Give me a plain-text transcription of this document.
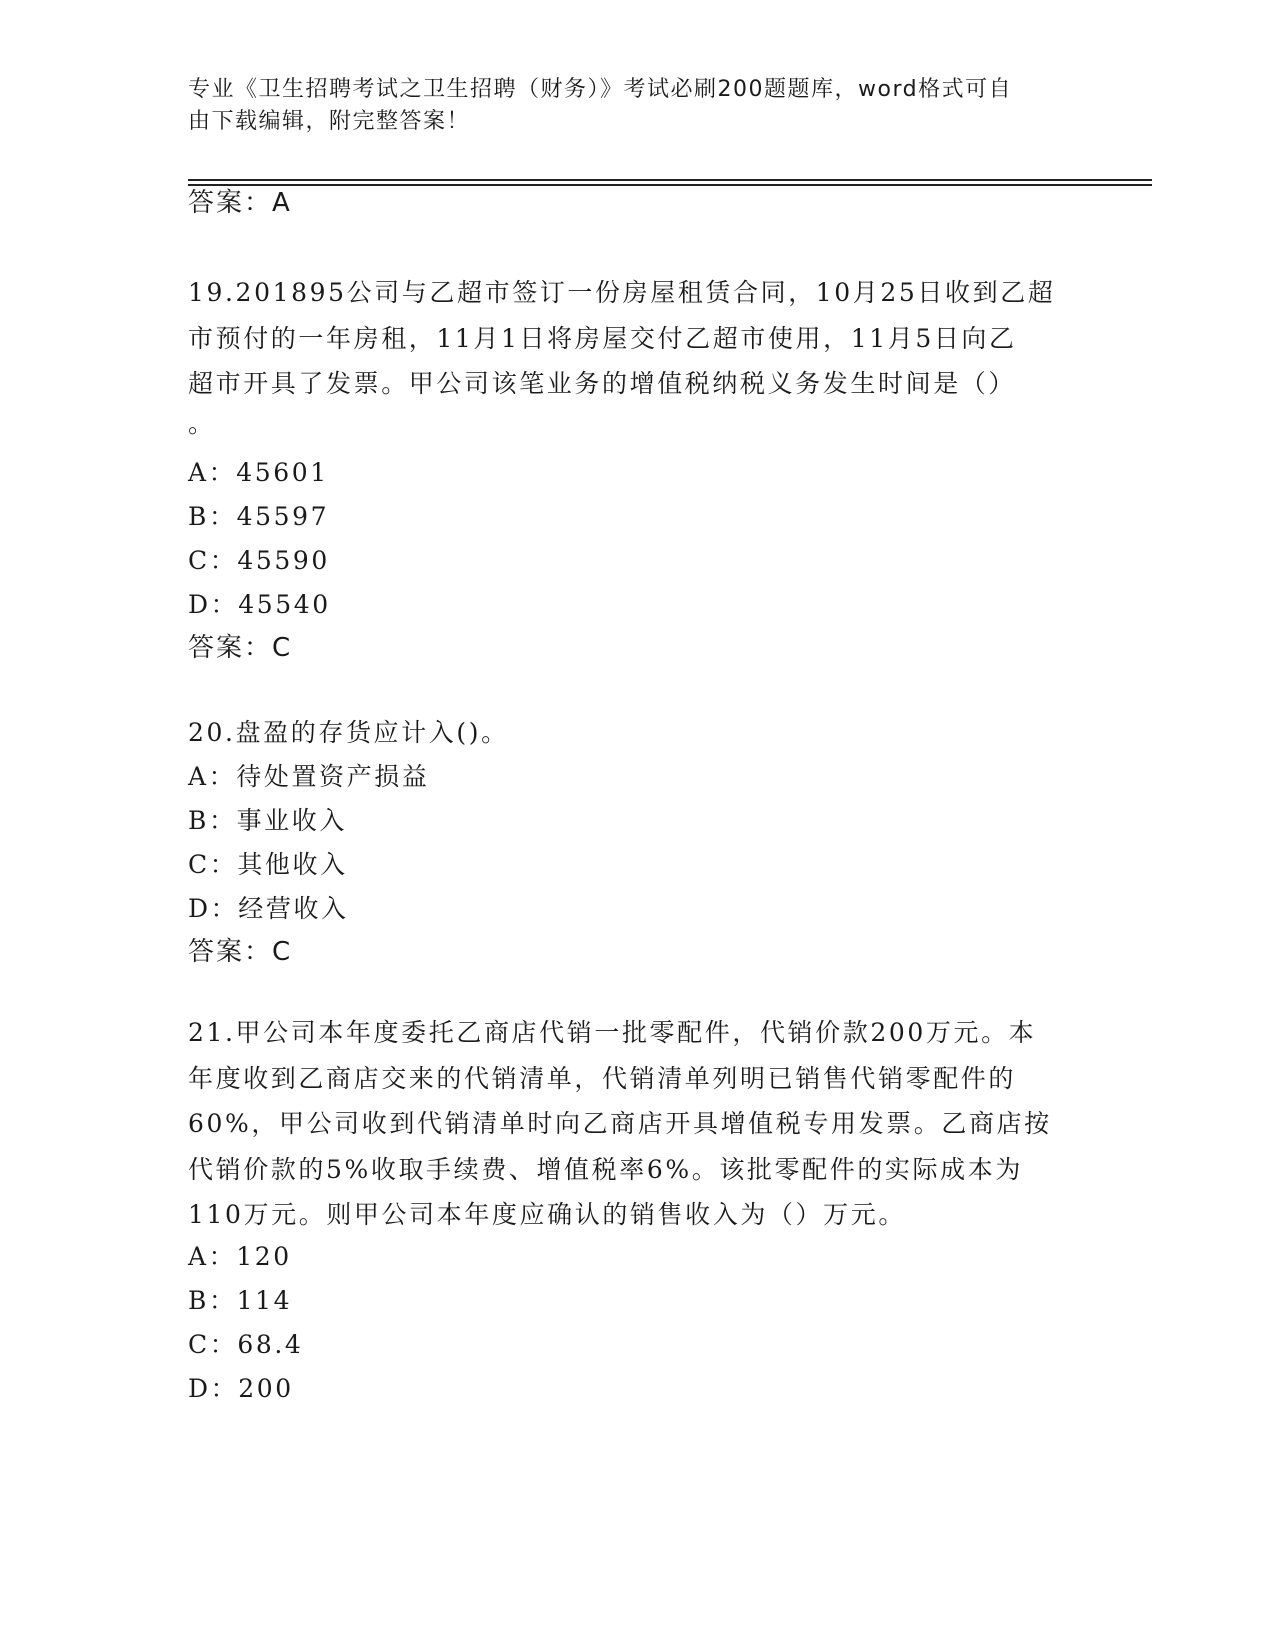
专业《卫生招聘考试之卫生招聘（财务）》考试必刷200题题库，word格式可自
由下载编辑，附完整答案！

答案：A

19.201895公司与乙超市签订一份房屋租赁合同，10月25日收到乙超
市预付的一年房租，11月1日将房屋交付乙超市使用，11月5日向乙
超市开具了发票。甲公司该笔业务的增值税纳税义务发生时间是（）
。

A：45601

B：45597

C：45590

D：45540

答案：C

20.盘盈的存货应计入()。

A：待处置资产损益

B：事业收入

C：其他收入

D：经营收入

答案：C

21.甲公司本年度委托乙商店代销一批零配件，代销价款200万元。本
年度收到乙商店交来的代销清单，代销清单列明已销售代销零配件的
60%，甲公司收到代销清单时向乙商店开具增值税专用发票。乙商店按
代销价款的5%收取手续费、增值税率6%。该批零配件的实际成本为
110万元。则甲公司本年度应确认的销售收入为（）万元。

A：120

B：114

C：68.4

D：200
